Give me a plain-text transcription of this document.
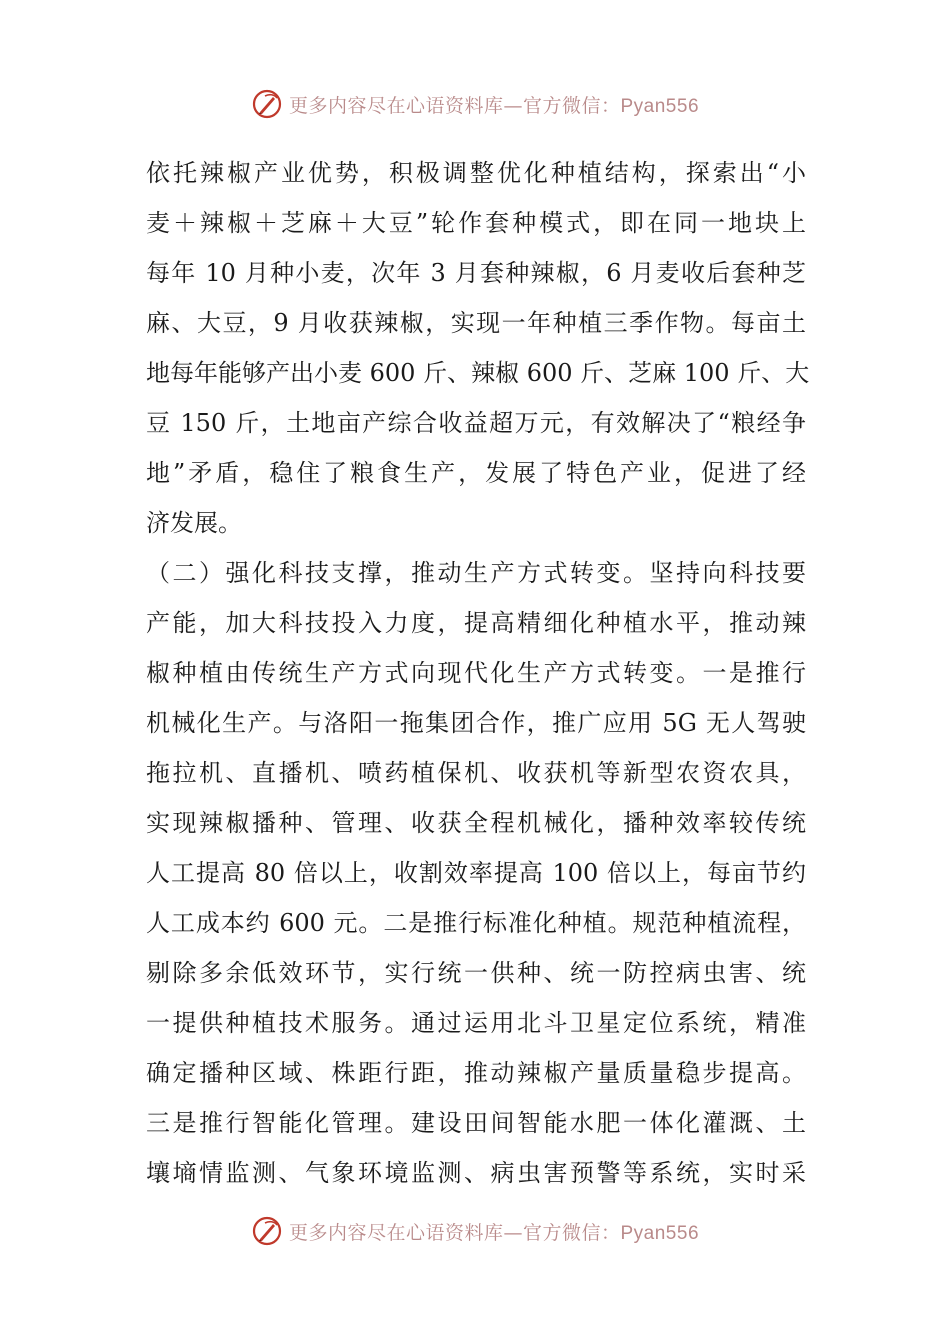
更多内容尽在心语资料库—官方微信：Pyan556
依托辣椒产业优势，积极调整优化种植结构，探索出“小
麦＋辣椒＋芝麻＋大豆”轮作套种模式，即在同一地块上
每年 10 月种小麦，次年 3 月套种辣椒，6 月麦收后套种芝
麻、大豆，9 月收获辣椒，实现一年种植三季作物。每亩土
地每年能够产出小麦 600 斤、辣椒 600 斤、芝麻 100 斤、大
豆 150 斤，土地亩产综合收益超万元，有效解决了“粮经争
地”矛盾，稳住了粮食生产，发展了特色产业，促进了经
济发展。
（二）强化科技支撑，推动生产方式转变。坚持向科技要
产能，加大科技投入力度，提高精细化种植水平，推动辣
椒种植由传统生产方式向现代化生产方式转变。一是推行
机械化生产。与洛阳一拖集团合作，推广应用 5G 无人驾驶
拖拉机、直播机、喷药植保机、收获机等新型农资农具，
实现辣椒播种、管理、收获全程机械化，播种效率较传统
人工提高 80 倍以上，收割效率提高 100 倍以上，每亩节约
人工成本约 600 元。二是推行标准化种植。规范种植流程，
剔除多余低效环节，实行统一供种、统一防控病虫害、统
一提供种植技术服务。通过运用北斗卫星定位系统，精准
确定播种区域、株距行距，推动辣椒产量质量稳步提高。
三是推行智能化管理。建设田间智能水肥一体化灌溉、土
壤墒情监测、气象环境监测、病虫害预警等系统，实时采
更多内容尽在心语资料库—官方微信：Pyan556
